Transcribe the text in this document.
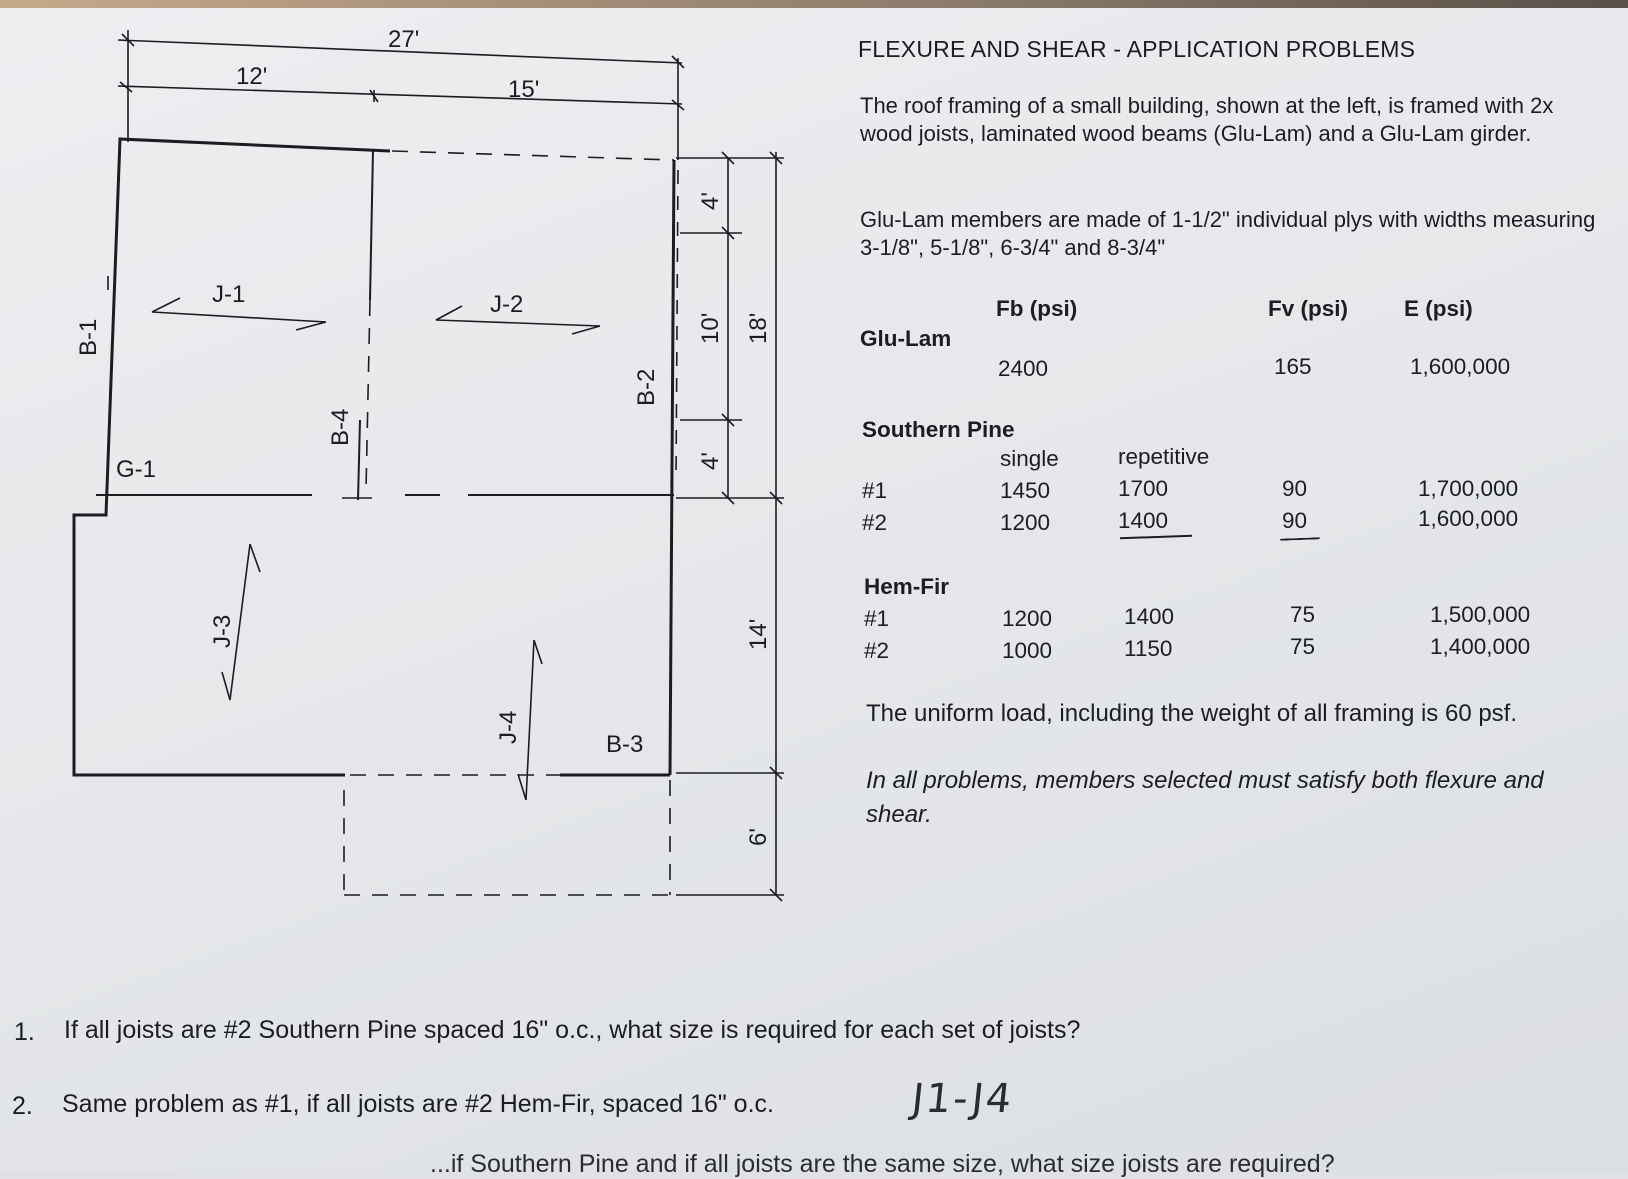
27'
12'	15'
4'
10'
4'
18'
14'
6'
B-1
B-2
B-3
B-4
G-1
J-1	J-2
J-3
J-4
FLEXURE AND SHEAR - APPLICATION PROBLEMS
The roof framing of a small building, shown at the left, is framed with 2x wood joists, laminated wood beams (Glu-Lam) and a Glu-Lam girder.
Glu-Lam members are made of 1-1/2" individual plys with widths measuring 3-1/8", 5-1/8", 6-3/4" and 8-3/4"
Fb (psi)	Fv (psi) E (psi)
Glu-Lam
2400	165	1,600,000
Southern Pine
single	repetitive
#1	1450	1700	90	1,700,000
#2	1200	1400	90	1,600,000
Hem-Fir
#1	1200	1400	75	1,500,000
#2	1000	1150	75	1,400,000
The uniform load, including the weight of all framing is 60 psf.
In all problems, members selected must satisfy both flexure and shear.
1. If all joists are #2 Southern Pine spaced 16" o.c., what size is required for each set of joists?
2. Same problem as #1, if all joists are #2 Hem-Fir, spaced 16" o.c.	J1-J4
...if Southern Pine and if all joists are the same size, what size joists are required?
